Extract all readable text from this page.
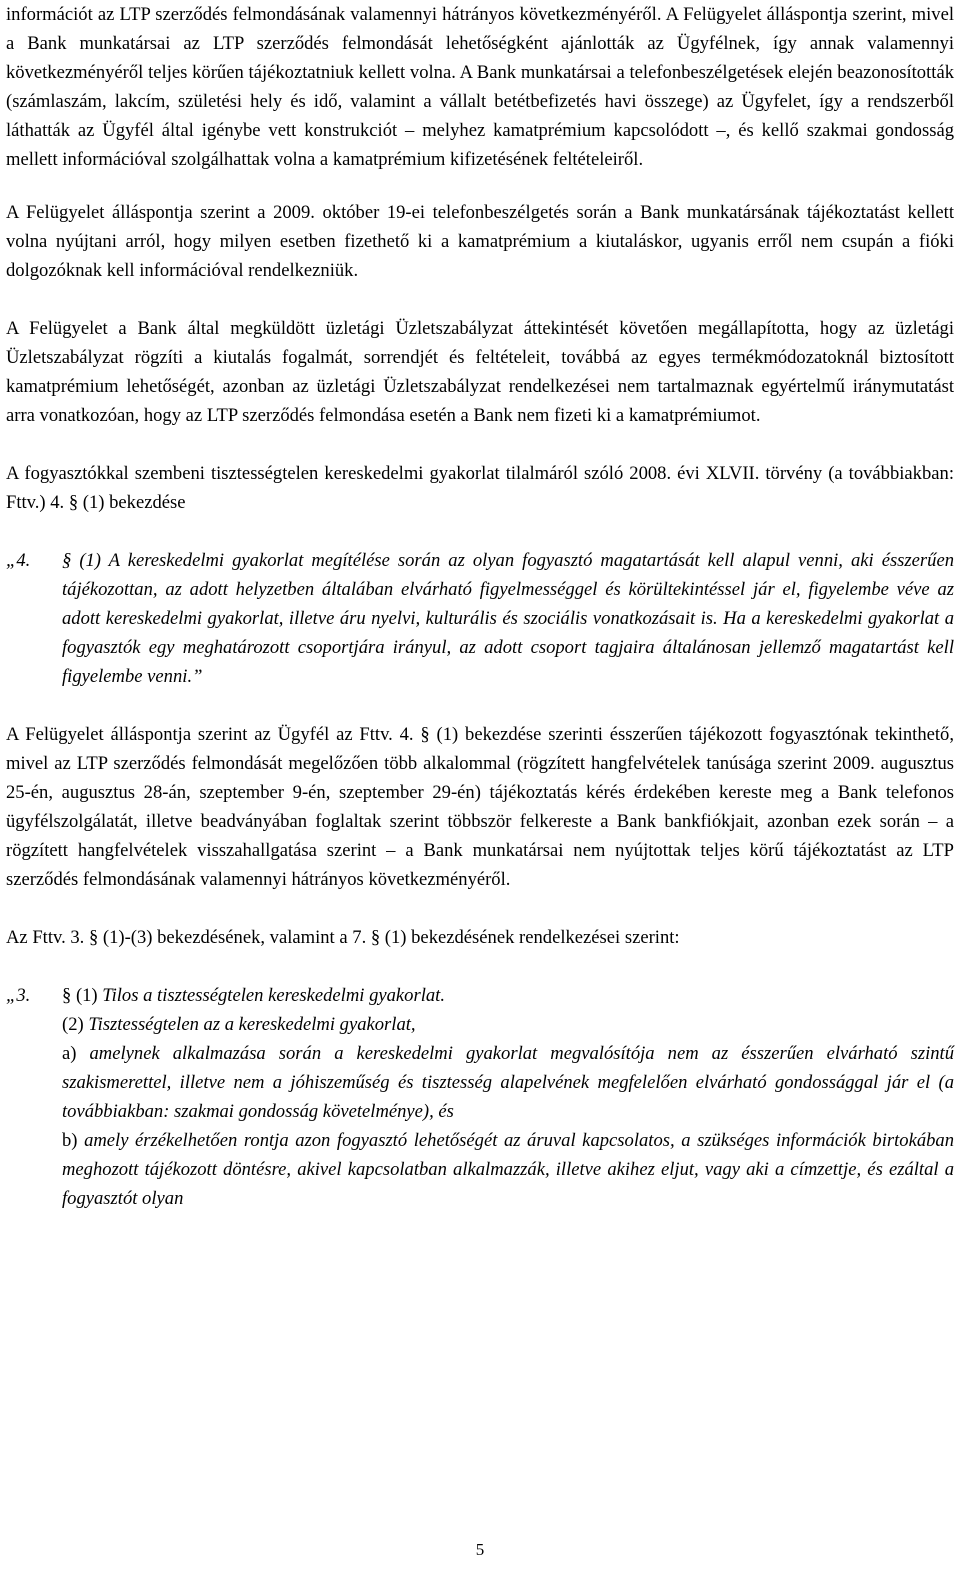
információt az LTP szerződés felmondásának valamennyi hátrányos következményéről. A Felügyelet álláspontja szerint, mivel a Bank munkatársai az LTP szerződés felmondását lehetőségként ajánlották az Ügyfélnek, így annak valamennyi következményéről teljes körűen tájékoztatniuk kellett volna. A Bank munkatársai a telefonbeszélgetések elején beazonosították (számlaszám, lakcím, születési hely és idő, valamint a vállalt betétbefizetés havi összege) az Ügyfelet, így a rendszerből láthatták az Ügyfél által igénybe vett konstrukciót – melyhez kamatprémium kapcsolódott –, és kellő szakmai gondosság mellett információval szolgálhattak volna a kamatprémium kifizetésének feltételeiről.

A Felügyelet álláspontja szerint a 2009. október 19-ei telefonbeszélgetés során a Bank munkatársának tájékoztatást kellett volna nyújtani arról, hogy milyen esetben fizethető ki a kamatprémium a kiutaláskor, ugyanis erről nem csupán a fióki dolgozóknak kell információval rendelkezniük.

A Felügyelet a Bank által megküldött üzletági Üzletszabályzat áttekintését követően megállapította, hogy az üzletági Üzletszabályzat rögzíti a kiutalás fogalmát, sorrendjét és feltételeit, továbbá az egyes termékmódozatoknál biztosított kamatprémium lehetőségét, azonban az üzletági Üzletszabályzat rendelkezései nem tartalmaznak egyértelmű iránymutatást arra vonatkozóan, hogy az LTP szerződés felmondása esetén a Bank nem fizeti ki a kamatprémiumot.

A fogyasztókkal szembeni tisztességtelen kereskedelmi gyakorlat tilalmáról szóló 2008. évi XLVII. törvény (a továbbiakban: Fttv.) 4. § (1) bekezdése

„4. § (1) A kereskedelmi gyakorlat megítélése során az olyan fogyasztó magatartását kell alapul venni, aki ésszerűen tájékozottan, az adott helyzetben általában elvárható figyelmességgel és körültekintéssel jár el, figyelembe véve az adott kereskedelmi gyakorlat, illetve áru nyelvi, kulturális és szociális vonatkozásait is. Ha a kereskedelmi gyakorlat a fogyasztók egy meghatározott csoportjára irányul, az adott csoport tagjaira általánosan jellemző magatartást kell figyelembe venni.”

A Felügyelet álláspontja szerint az Ügyfél az Fttv. 4. § (1) bekezdése szerinti ésszerűen tájékozott fogyasztónak tekinthető, mivel az LTP szerződés felmondását megelőzően több alkalommal (rögzített hangfelvételek tanúsága szerint 2009. augusztus 25-én, augusztus 28-án, szeptember 9-én, szeptember 29-én) tájékoztatás kérés érdekében kereste meg a Bank telefonos ügyfélszolgálatát, illetve beadványában foglaltak szerint többször felkereste a Bank bankfiókjait, azonban ezek során – a rögzített hangfelvételek visszahallgatása szerint – a Bank munkatársai nem nyújtottak teljes körű tájékoztatást az LTP szerződés felmondásának valamennyi hátrányos következményéről.

Az Fttv. 3. § (1)-(3) bekezdésének, valamint a 7. § (1) bekezdésének rendelkezései szerint:

„3. § (1) Tilos a tisztességtelen kereskedelmi gyakorlat.

(2) Tisztességtelen az a kereskedelmi gyakorlat,

a) amelynek alkalmazása során a kereskedelmi gyakorlat megvalósítója nem az ésszerűen elvárható szintű szakismerettel, illetve nem a jóhiszeműség és tisztesség alapelvének megfelelően elvárható gondossággal jár el (a továbbiakban: szakmai gondosság követelménye), és

b) amely érzékelhetően rontja azon fogyasztó lehetőségét az áruval kapcsolatos, a szükséges információk birtokában meghozott tájékozott döntésre, akivel kapcsolatban alkalmazzák, illetve akihez eljut, vagy aki a címzettje, és ezáltal a fogyasztót olyan

5
